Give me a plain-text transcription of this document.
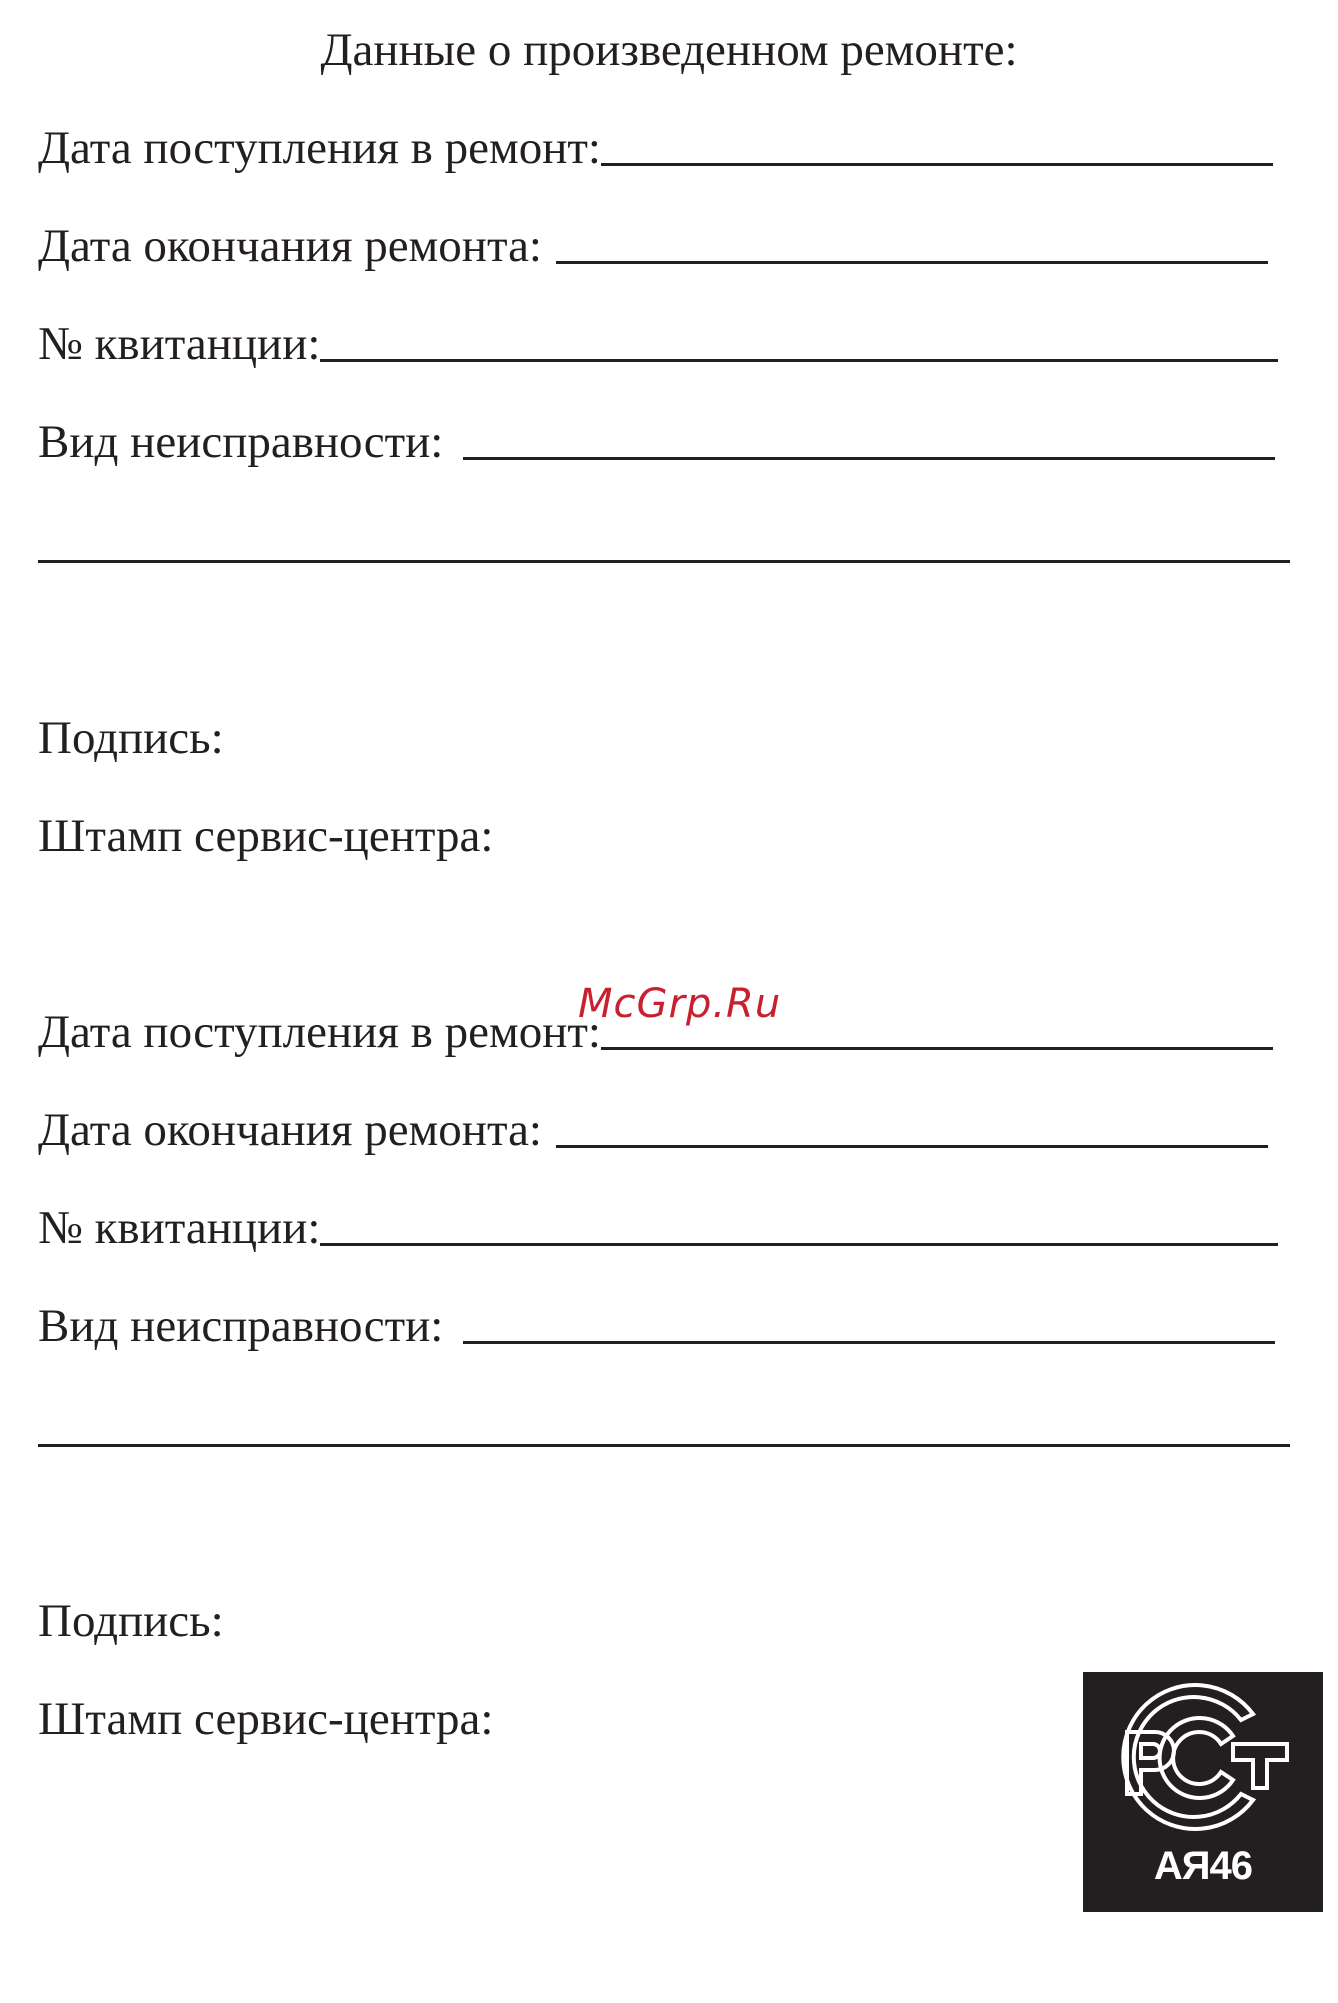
Данные о произведенном ремонте:
Дата поступления в ремонт:
Дата окончания ремонта:
№ квитанции:
Вид неисправности:
Подпись:
Штамп сервис-центра:
Дата поступления в ремонт:
Дата окончания ремонта:
№ квитанции:
Вид неисправности:
Подпись:
Штамп сервис-центра:
McGrp.Ru
АЯ46
